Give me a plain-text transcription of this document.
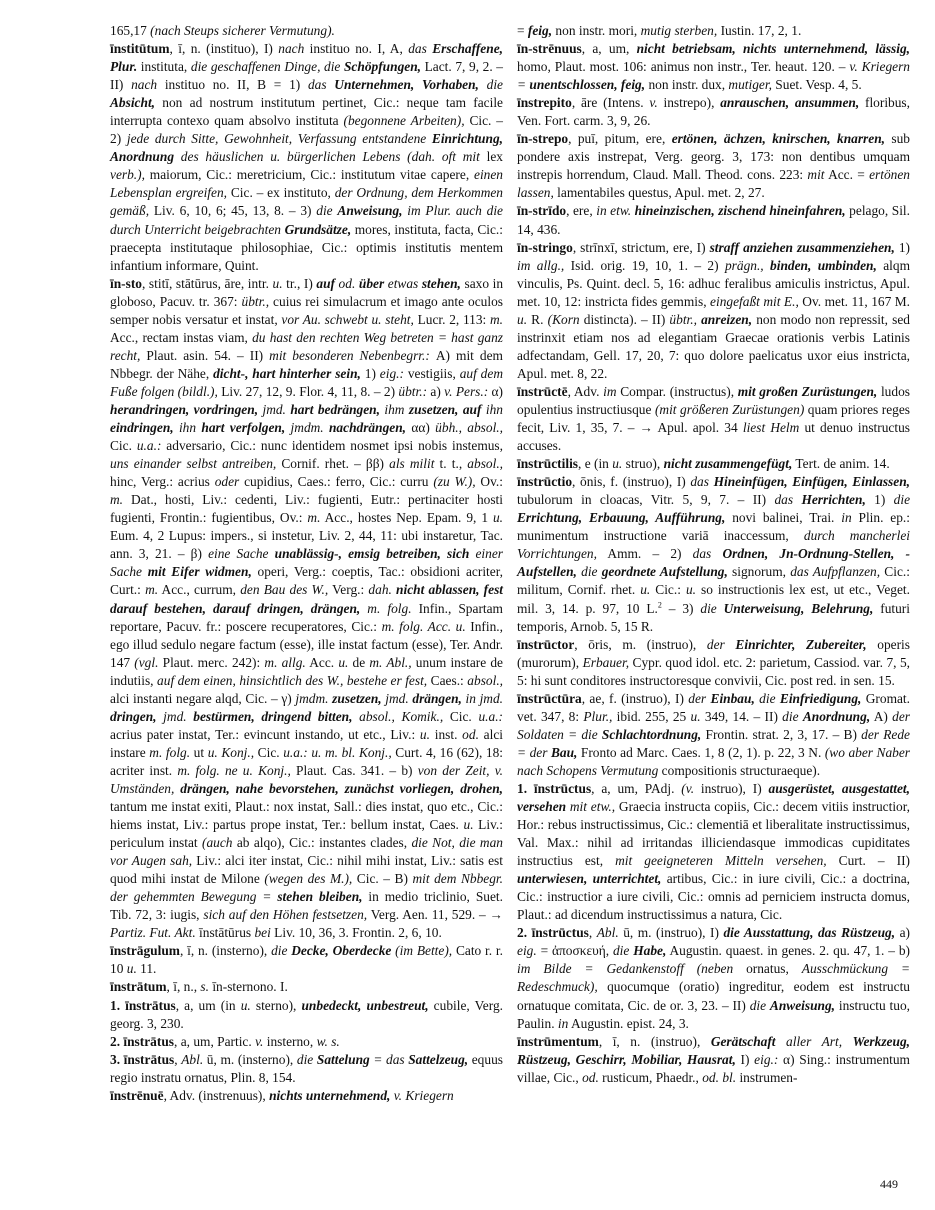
165,17 (nach Steups sicherer Vermutung).

īnstitūtum, ī, n. (instituo), I) nach instituo no. I, A, das Erschaffene, Plur. instituta, die geschaffenen Dinge, die Schöpfungen, Lact. 7, 9, 2. – II) nach instituo no. II, B = 1) das Unternehmen, Vorhaben, die Absicht, non ad nostrum institutum pertinet, Cic.: neque tam facile interrupta contexo quam absolvo instituta (begonnene Arbeiten), Cic. – 2) jede durch Sitte, Gewohnheit, Verfassung entstandene Einrichtung, Anordnung des häuslichen u. bürgerlichen Lebens (dah. oft mit lex verb.), maiorum, Cic.: meretricium, Cic.: institutum vitae capere, einen Lebensplan ergreifen, Cic. – ex instituto, der Ordnung, dem Herkommen gemäß, Liv. 6, 10, 6; 45, 13, 8. – 3) die Anweisung, im Plur. auch die durch Unterricht beigebrachten Grundsätze, mores, instituta, facta, Cic.: praecepta institutaque philosophiae, Cic.: optimis institutis mentem infantium informare, Quint.

īn-sto, stitī, stātūrus, āre, intr. u. tr., I) auf od. über etwas stehen, saxo in globoso, Pacuv. tr. 367: übtr., cuius rei simulacrum et imago ante oculos semper nobis versatur et instat, vor Au. schwebt u. steht, Lucr. 2, 113: m. Acc., rectam instas viam, du hast den rechten Weg betreten = hast ganz recht, Plaut. asin. 54. – II) mit besonderen Nebenbegrr.: A) mit dem Nbbegr. der Nähe, dicht-, hart hinterher sein, 1) eig.: vestigiis, auf dem Fuße folgen (bildl.), Liv. 27, 12, 9. Flor. 4, 11, 8. – 2) übtr.: a) v. Pers.: α) herandringen, vordringen, jmd. hart bedrängen, ihm zusetzen, auf ihn eindringen, ihn hart verfolgen, jmdm. nachdrängen, αα) übh., absol., Cic. u.a.: adversario, Cic.: nunc identidem nosmet ipsi nobis instemus, uns einander selbst antreiben, Cornif. rhet. – ββ) als milit t. t., absol., hinc, Verg.: acrius oder cupidius, Caes.: ferro, Cic.: curru (zu W.), Ov.: m. Dat., hosti, Liv.: cedenti, Liv.: fugienti, Eutr.: pertinaciter hosti fugienti, Frontin.: fugientibus, Ov.: m. Acc., hostes Nep. Epam. 9, 1 u. Eum. 4, 2 Lupus: impers., si instetur, Liv. 2, 44, 11: ubi instaretur, Tac. ann. 3, 21. – β) eine Sache unablässig-, emsig betreiben, sich einer Sache mit Eifer widmen, operi, Verg.: coeptis, Tac.: obsidioni acriter, Curt.: m. Acc., currum, den Bau des W., Verg.: dah. nicht ablassen, fest darauf bestehen, darauf dringen, drängen, m. folg. Infin., Spartam reportare, Pacuv. fr.: poscere recuperatores, Cic.: m. folg. Acc. u. Infin., ego illud sedulo negare factum (esse), ille instat factum (esse), Ter. Andr. 147 (vgl. Plaut. merc. 242): m. allg. Acc. u. de m. Abl., unum instare de indutiis, auf dem einen, hinsichtlich des W., bestehe er fest, Caes.: absol., alci instanti negare alqd, Cic. – γ) jmdm. zusetzen, jmd. drängen, in jmd. dringen, jmd. bestürmen, dringend bitten, absol., Komik., Cic. u.a.: acrius pater instat, Ter.: evincunt instando, ut etc., Liv.: u. inst. od. alci instare m. folg. ut u. Konj., Cic. u.a.: u. m. bl. Konj., Curt. 4, 16 (62), 18: acriter inst. m. folg. ne u. Konj., Plaut. Cas. 341. – b) von der Zeit, v. Umständen, drängen, nahe bevorstehen, zunächst vorliegen, drohen, tantum me instat exiti, Plaut.: nox instat, Sall.: dies instat, quo etc., Cic.: hiems instat, Liv.: partus prope instat, Ter.: bellum instat, Caes. u. Liv.: periculum instat (auch ab alqo), Cic.: instantes clades, die Not, die man vor Augen sah, Liv.: alci iter instat, Cic.: nihil mihi instat, Liv.: satis est quod mihi instat de Milone (wegen des M.), Cic. – B) mit dem Nbbegr. der gehemmten Bewegung = stehen bleiben, in medio triclinio, Suet. Tib. 72, 3: iugis, sich auf den Höhen festsetzen, Verg. Aen. 11, 529. – → Partiz. Fut. Akt. īnstātūrus bei Liv. 10, 36, 3. Frontin. 2, 6, 10.

īnstrāgulum, ī, n. (insterno), die Decke, Oberdecke (im Bette), Cato r. r. 10 u. 11.

īnstrātum, ī, n., s. īn-sternono. I.

1. īnstrātus, a, um (in u. sterno), unbedeckt, unbestreut, cubile, Verg. georg. 3, 230.

2. īnstrātus, a, um, Partic. v. insterno, w. s.

3. īnstrātus, Abl. ū, m. (insterno), die Sattelung = das Sattelzeug, equus regio instratu ornatus, Plin. 8, 154.

īnstrēnuē, Adv. (instrenuus), nichts unternehmend, v. Kriegern

= feig, non instr. mori, mutig sterben, Iustin. 17, 2, 1.

īn-strēnuus, a, um, nicht betriebsam, nichts unternehmend, lässig, homo, Plaut. most. 106: animus non instr., Ter. heaut. 120. – v. Kriegern = unentschlossen, feig, non instr. dux, mutiger, Suet. Vesp. 4, 5.

īnstrepito, āre (Intens. v. instrepo), anrauschen, ansummen, floribus, Ven. Fort. carm. 3, 9, 26.

īn-strepo, puī, pitum, ere, ertönen, ächzen, knirschen, knarren, sub pondere axis instrepat, Verg. georg. 3, 173: non dentibus umquam instrepis horrendum, Claud. Mall. Theod. cons. 223: mit Acc. = ertönen lassen, lamentabiles questus, Apul. met. 2, 27.

īn-strīdo, ere, in etw. hineinzischen, zischend hineinfahren, pelago, Sil. 14, 436.

īn-stringo, strīnxī, strictum, ere, I) straff anziehen zusammenziehen, 1) im allg., Isid. orig. 19, 10, 1. – 2) prägn., binden, umbinden, alqm vinculis, Ps. Quint. decl. 5, 16: adhuc feralibus amiculis instrictus, Apul. met. 10, 12: instricta fides gemmis, eingefaßt mit E., Ov. met. 11, 167 M. u. R. (Korn distincta). – II) übtr., anreizen, non modo non repressit, sed instrinxit etiam nos ad elegantiam Graecae orationis verbis Latinis adfectandam, Gell. 17, 20, 7: quo dolore paelicatus uxor eius instricta, Apul. met. 8, 22.

īnstrūctē, Adv. im Compar. (instructus), mit großen Zurüstungen, ludos opulentius instructiusque (mit größeren Zurüstungen) quam priores reges fecit, Liv. 1, 35, 7. – → Apul. apol. 34 liest Helm ut denuo instructus accuses.

īnstrūctilis, e (in u. struo), nicht zusammengefügt, Tert. de anim. 14.

īnstrūctio, ōnis, f. (instruo), I) das Hineinfügen, Einfügen, Einlassen, tubulorum in cloacas, Vitr. 5, 9, 7. – II) das Herrichten, 1) die Errichtung, Erbauung, Aufführung, novi balinei, Trai. in Plin. ep.: munimentum instructione variā inaccessum, durch mancherlei Vorrichtungen, Amm. – 2) das Ordnen, Jn-Ordnung-Stellen, -Aufstellen, die geordnete Aufstellung, signorum, das Aufpflanzen, Cic.: militum, Cornif. rhet. u. Cic.: u. so instructionis lex est, ut etc., Veget. mil. 3, 14. p. 97, 10 L.$^2$ – 3) die Unterweisung, Belehrung, futuri temporis, Arnob. 5, 15 R.

īnstrūctor, ōris, m. (instruo), der Einrichter, Zubereiter, operis (murorum), Erbauer, Cypr. quod idol. etc. 2: parietum, Cassiod. var. 7, 5, 5: hi sunt conditores instructoresque convivii, Cic. post red. in sen. 15.

īnstrūctūra, ae, f. (instruo), I) der Einbau, die Einfriedigung, Gromat. vet. 347, 8: Plur., ibid. 255, 25 u. 349, 14. – II) die Anordnung, A) der Soldaten = die Schlachtordnung, Frontin. strat. 2, 3, 17. – B) der Rede = der Bau, Fronto ad Marc. Caes. 1, 8 (2, 1). p. 22, 3 N. (wo aber Naber nach Schopens Vermutung compositionis structuraeque).

1. īnstrūctus, a, um, PAdj. (v. instruo), I) ausgerüstet, ausgestattet, versehen mit etw., Graecia instructa copiis, Cic.: decem vitiis instructior, Hor.: rebus instructissimus, Cic.: clementiā et liberalitate instructissimus, Val. Max.: nihil ad irritandas illiciendasque immodicas cupiditates instructius est, mit geeigneteren Mitteln versehen, Curt. – II) unterwiesen, unterrichtet, artibus, Cic.: in iure civili, Cic.: a doctrina, Cic.: instructior a iure civili, Cic.: omnis ad perniciem instructa domus, Plaut.: ad dicendum instructissimus a natura, Cic.

2. īnstrūctus, Abl. ū, m. (instruo), I) die Ausstattung, das Rüstzeug, a) eig. = ἀποσκευή, die Habe, Augustin. quaest. in genes. 2. qu. 47, 1. – b) im Bilde = Gedankenstoff (neben ornatus, Ausschmückung = Redeschmuck), quocumque (oratio) ingreditur, eodem est instructu ornatuque comitata, Cic. de or. 3, 23. – II) die Anweisung, instructu tuo, Paulin. in Augustin. epist. 24, 3.

īnstrūmentum, ī, n. (instruo), Gerätschaft aller Art, Werkzeug, Rüstzeug, Geschirr, Mobiliar, Hausrat, I) eig.: α) Sing.: instrumentum villae, Cic., od. rusticum, Phaedr., od. bl. instrumen-

449
